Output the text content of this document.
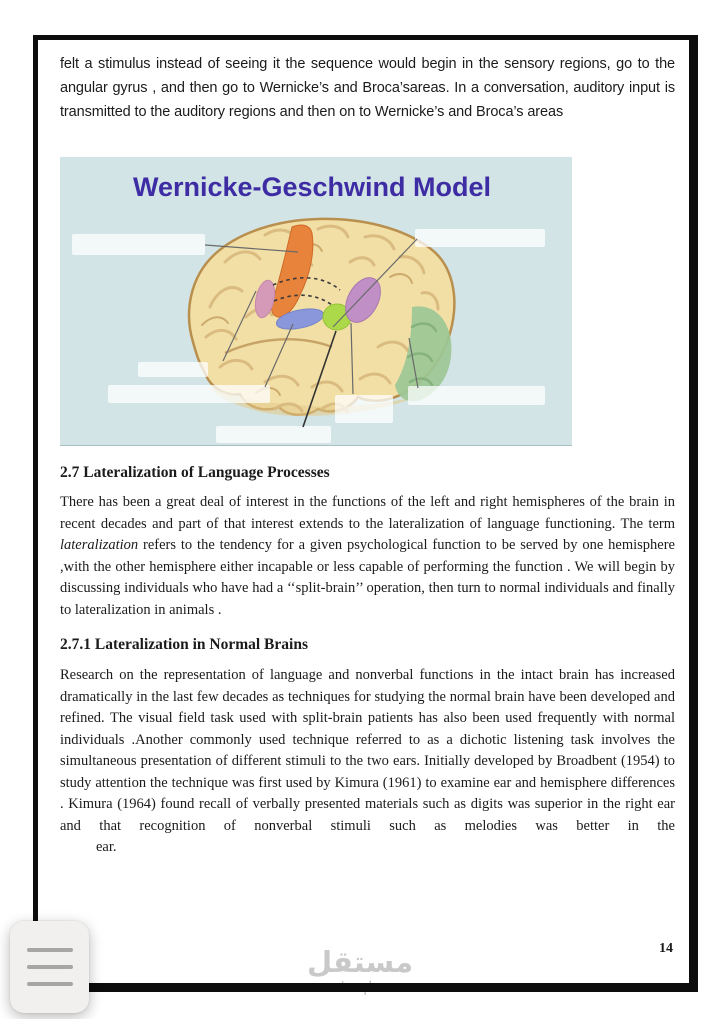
مستقل
mostaql.com

felt a stimulus instead of seeing it the sequence would begin in the sensory regions, go to the angular gyrus , and then go to Wernicke’s and Broca’sareas. In a conversation, auditory input is transmitted to the auditory regions and then on to Wernicke’s and Broca’s areas

Wernicke-Geschwind Model
2.7 Lateralization of Language Processes

There has been a great deal of interest in the functions of the left and right hemispheres of the brain in recent decades and part of that interest extends to the lateralization of language functioning. The term lateralization refers to the tendency for a given psychological function to be served by one hemisphere ,with the other hemisphere either incapable or less capable of performing the function . We will begin by discussing individuals who have had a ‘‘split-brain’’ operation, then turn to normal individuals and finally to lateralization in animals .

2.7.1 Lateralization in Normal Brains

Research on the representation of language and nonverbal functions in the intact brain has increased dramatically in the last few decades as techniques for studying the normal brain have been developed and refined. The visual field task used with split-brain patients has also been used frequently with normal individuals .Another commonly used technique referred to as a dichotic listening task involves the simultaneous presentation of different stimuli to the two ears. Initially developed by Broadbent (1954) to study attention the technique was first used by Kimura (1961) to examine ear and hemisphere differences . Kimura (1964) found recall of verbally presented materials such as digits was superior in the right ear and that recognition of nonverbal stimuli such as melodies was better in the

ear.
14
